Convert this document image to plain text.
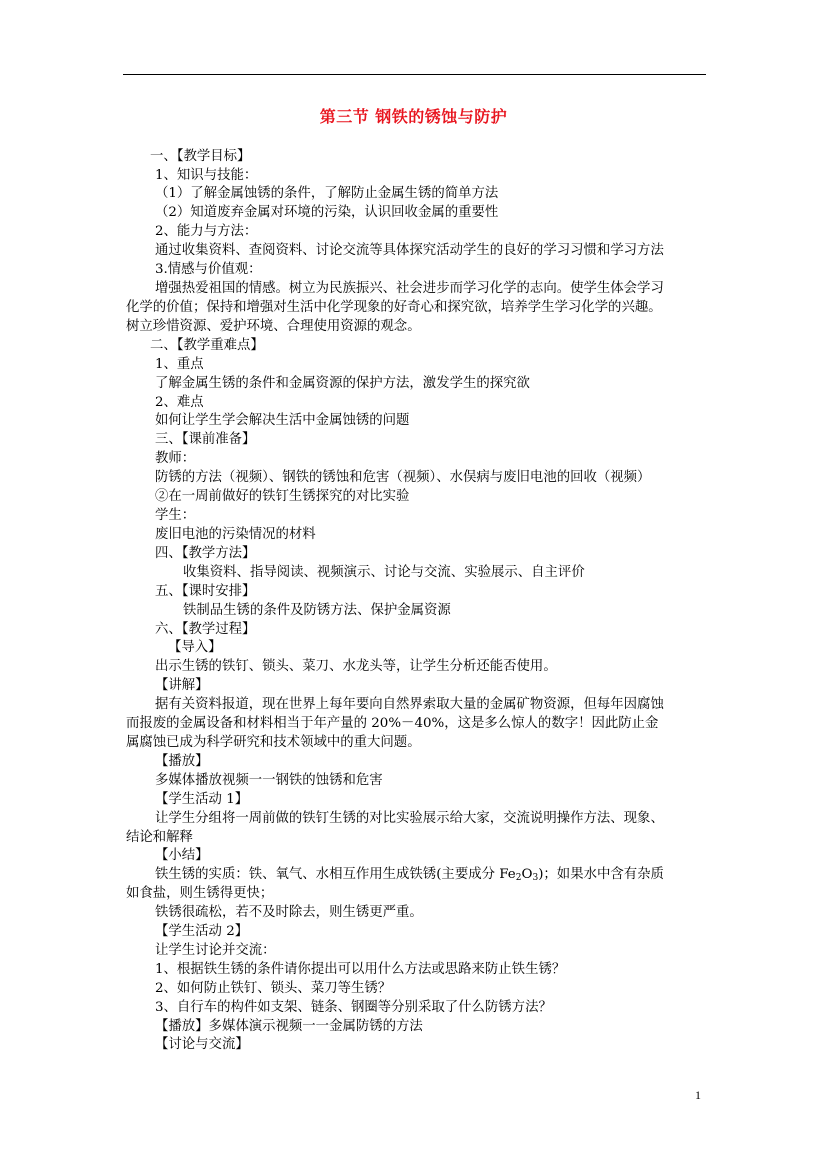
第三节 钢铁的锈蚀与防护
一、【教学目标】
1、知识与技能：
（1）了解金属蚀锈的条件，了解防止金属生锈的简单方法
（2）知道废弃金属对环境的污染，认识回收金属的重要性
2、能力与方法：
通过收集资料、查阅资料、讨论交流等具体探究活动学生的良好的学习习惯和学习方法
3.情感与价值观：
增强热爱祖国的情感。树立为民族振兴、社会进步而学习化学的志向。使学生体会学习
化学的价值；保持和增强对生活中化学现象的好奇心和探究欲，培养学生学习化学的兴趣。
树立珍惜资源、爱护环境、合理使用资源的观念。
二、【教学重难点】
1、重点
了解金属生锈的条件和金属资源的保护方法，激发学生的探究欲
2、难点
如何让学生学会解决生活中金属蚀锈的问题
三、【课前准备】
教师：
防锈的方法（视频）、钢铁的锈蚀和危害（视频）、水俣病与废旧电池的回收（视频）
②在一周前做好的铁钉生锈探究的对比实验
学生：
废旧电池的污染情况的材料
四、【教学方法】
收集资料、指导阅读、视频演示、讨论与交流、实验展示、自主评价
五、【课时安排】
铁制品生锈的条件及防锈方法、保护金属资源
六、【教学过程】
【导入】
出示生锈的铁钉、锁头、菜刀、水龙头等，让学生分析还能否使用。
【讲解】
据有关资料报道，现在世界上每年要向自然界索取大量的金属矿物资源，但每年因腐蚀
而报废的金属设备和材料相当于年产量的 20%－40%，这是多么惊人的数字！因此防止金
属腐蚀已成为科学研究和技术领域中的重大问题。
【播放】
多媒体播放视频一一钢铁的蚀锈和危害
【学生活动 1】
让学生分组将一周前做的铁钉生锈的对比实验展示给大家，交流说明操作方法、现象、
结论和解释
【小结】
铁生锈的实质：铁、氧气、水相互作用生成铁锈(主要成分 $Fe_2O_3$)；如果水中含有杂质
如食盐，则生锈得更快；
铁锈很疏松，若不及时除去，则生锈更严重。
【学生活动 2】
让学生讨论并交流：
1、根据铁生锈的条件请你提出可以用什么方法或思路来防止铁生锈？
2、如何防止铁钉、锁头、菜刀等生锈？
3、自行车的构件如支架、链条、钢圈等分别采取了什么防锈方法？
【播放】多媒体演示视频一一金属防锈的方法
【讨论与交流】
1
